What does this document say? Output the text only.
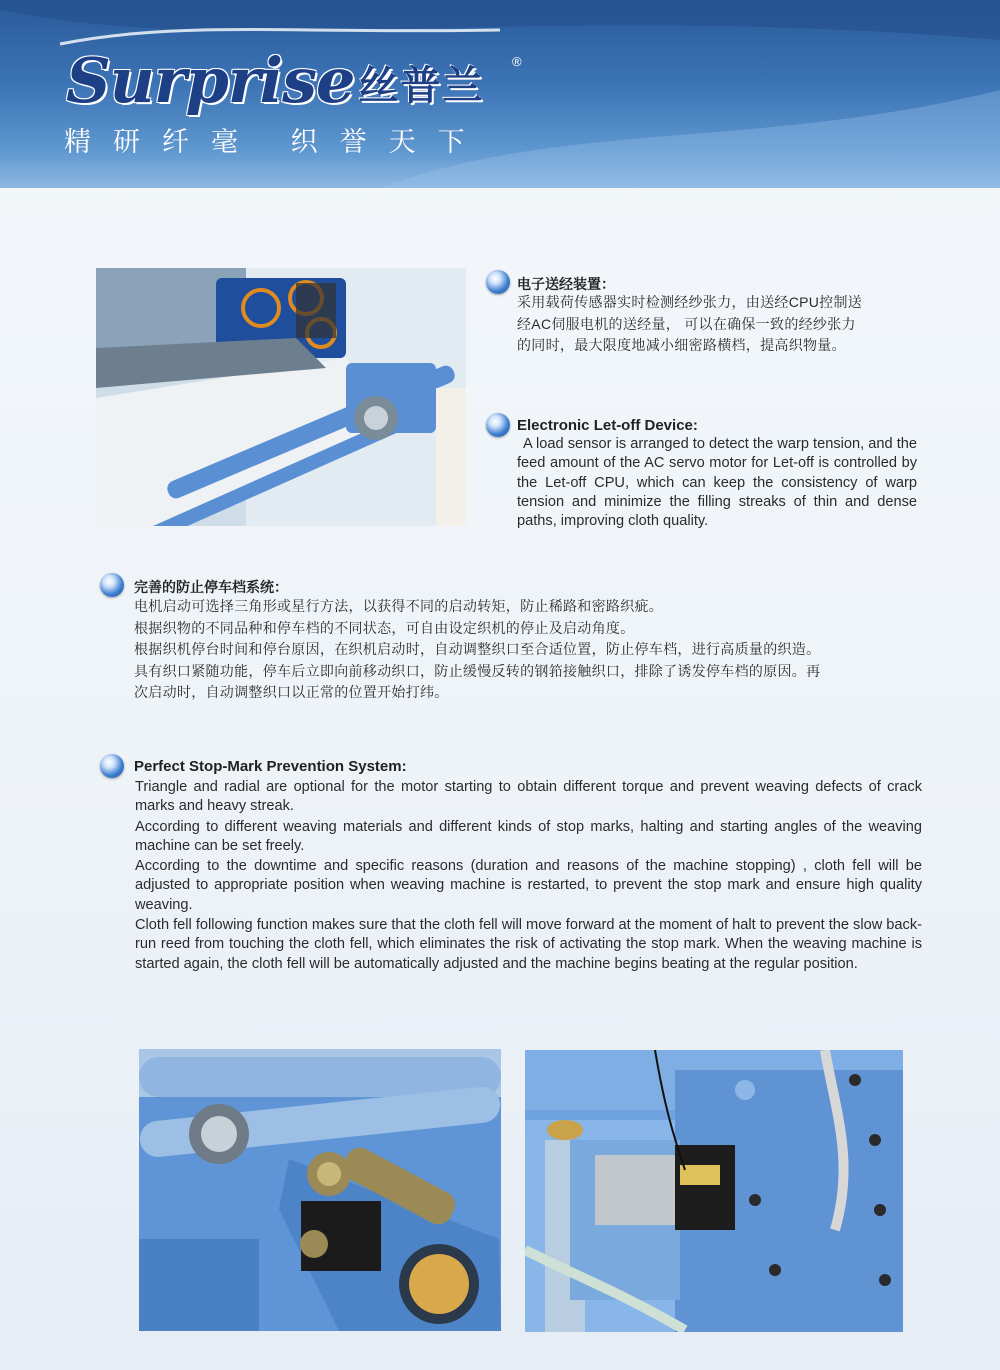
Surprise 丝普兰
®
精研纤毫 织誉天下
电子送经装置：

采用载荷传感器实时检测经纱张力，由送经CPU控制送

经AC伺服电机的送经量， 可以在确保一致的经纱张力

的同时，最大限度地减小细密路横档，提高织物量。

Electronic Let-off Device:

A load sensor is arranged to detect the warp tension, and the feed amount of the AC servo motor for Let-off is controlled by the Let-off CPU, which can keep the consistency of warp tension and minimize the filling streaks of thin and dense paths, improving cloth quality.

完善的防止停车档系统：

电机启动可选择三角形或星行方法，以获得不同的启动转矩，防止稀路和密路织疵。

根据织物的不同品种和停车档的不同状态，可自由设定织机的停止及启动角度。

根据织机停台时间和停台原因，在织机启动时，自动调整织口至合适位置，防止停车档，进行高质量的织造。

具有织口紧随功能，停车后立即向前移动织口，防止缓慢反转的钢筘接触织口，排除了诱发停车档的原因。再

次启动时，自动调整织口以正常的位置开始打纬。

Perfect Stop-Mark Prevention System:

Triangle and radial are optional for the motor starting to obtain different torque and prevent weaving defects of crack marks and heavy streak.

According to different weaving materials and different kinds of stop marks, halting and starting angles of the weaving machine can be set freely.

According to the downtime and specific reasons (duration and reasons of the machine stopping) , cloth fell will be adjusted to appropriate position when weaving machine is restarted, to prevent the stop mark and ensure high quality weaving.

Cloth fell following function makes sure that the cloth fell will move forward at the moment of halt to prevent the slow back-run reed from touching the cloth fell, which eliminates the risk of activating the stop mark. When the weaving machine is started again, the cloth fell will be automatically adjusted and the machine begins beating at the regular position.
